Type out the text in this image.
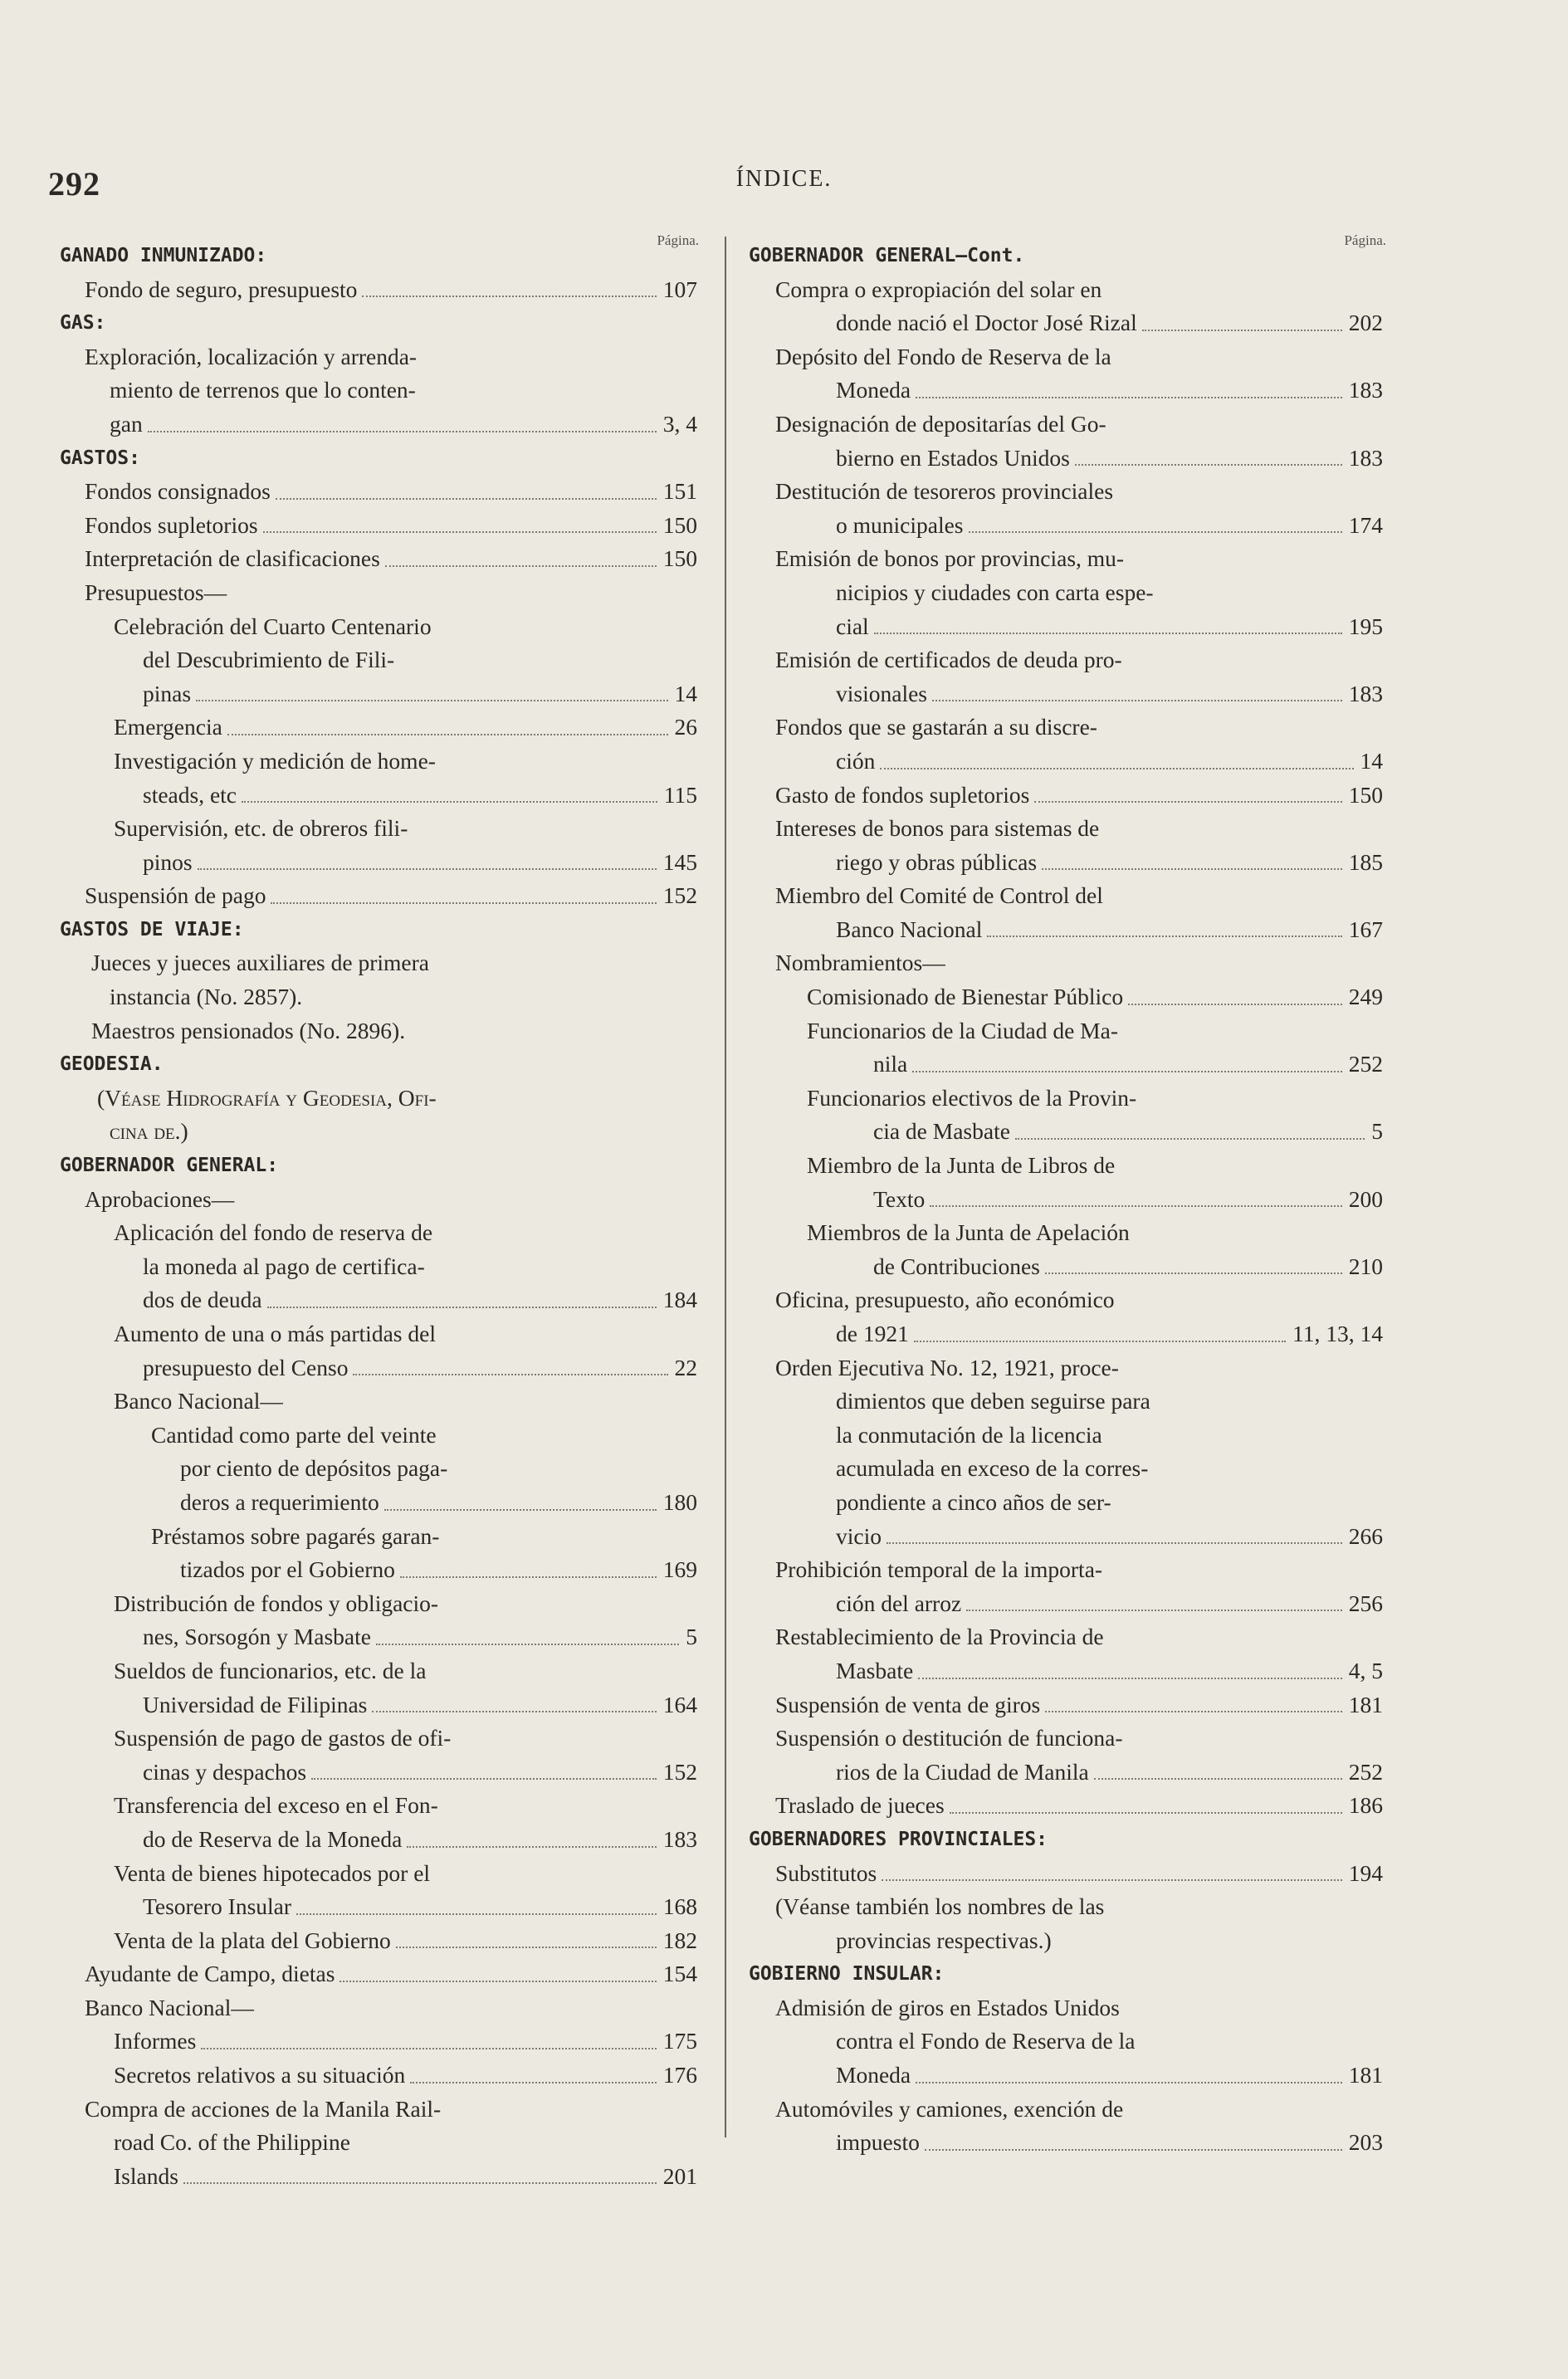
292	ÍNDICE.
Página.
GANADO INMUNIZADO:
Fondo de seguro, presupuesto	107
GAS:
Exploración, localización y arrenda-
miento de terrenos que lo conten-
gan	3, 4
GASTOS:
Fondos consignados	151
Fondos supletorios	150
Interpretación de clasificaciones	150
Presupuestos—
Celebración del Cuarto Centenario
del Descubrimiento de Fili-
pinas	14
Emergencia	26
Investigación y medición de home-
steads, etc	115
Supervisión, etc. de obreros fili-
pinos	145
Suspensión de pago	152
GASTOS DE VIAJE:
Jueces y jueces auxiliares de primera
instancia (No. 2857).
Maestros pensionados (No. 2896).
GEODESIA.
(Véase Hidrografía y Geodesia, Ofi-
cina de.)
GOBERNADOR GENERAL:
Aprobaciones—
Aplicación del fondo de reserva de
la moneda al pago de certifica-
dos de deuda	184
Aumento de una o más partidas del
presupuesto del Censo	22
Banco Nacional—
Cantidad como parte del veinte
por ciento de depósitos paga-
deros a requerimiento	180
Préstamos sobre pagarés garan-
tizados por el Gobierno	169
Distribución de fondos y obligacio-
nes, Sorsogón y Masbate	5
Sueldos de funcionarios, etc. de la
Universidad de Filipinas	164
Suspensión de pago de gastos de ofi-
cinas y despachos	152
Transferencia del exceso en el Fon-
do de Reserva de la Moneda	183
Venta de bienes hipotecados por el
Tesorero Insular	168
Venta de la plata del Gobierno	182
Ayudante de Campo, dietas	154
Banco Nacional—
Informes	175
Secretos relativos a su situación	176
Compra de acciones de la Manila Rail-
road Co. of the Philippine
Islands	201
Página.
GOBERNADOR GENERAL—Cont.
Compra o expropiación del solar en
donde nació el Doctor José Rizal	202
Depósito del Fondo de Reserva de la
Moneda	183
Designación de depositarías del Go-
bierno en Estados Unidos	183
Destitución de tesoreros provinciales
o municipales	174
Emisión de bonos por provincias, mu-
nicipios y ciudades con carta espe-
cial	195
Emisión de certificados de deuda pro-
visionales	183
Fondos que se gastarán a su discre-
ción	14
Gasto de fondos supletorios	150
Intereses de bonos para sistemas de
riego y obras públicas	185
Miembro del Comité de Control del
Banco Nacional	167
Nombramientos—
Comisionado de Bienestar Público	249
Funcionarios de la Ciudad de Ma-
nila	252
Funcionarios electivos de la Provin-
cia de Masbate	5
Miembro de la Junta de Libros de
Texto	200
Miembros de la Junta de Apelación
de Contribuciones	210
Oficina, presupuesto, año económico
de 1921	11, 13, 14
Orden Ejecutiva No. 12, 1921, proce-
dimientos que deben seguirse para
la conmutación de la licencia
acumulada en exceso de la corres-
pondiente a cinco años de ser-
vicio	266
Prohibición temporal de la importa-
ción del arroz	256
Restablecimiento de la Provincia de
Masbate	4, 5
Suspensión de venta de giros	181
Suspensión o destitución de funciona-
rios de la Ciudad de Manila	252
Traslado de jueces	186
GOBERNADORES PROVINCIALES:
Substitutos	194
(Véanse también los nombres de las
provincias respectivas.)
GOBIERNO INSULAR:
Admisión de giros en Estados Unidos
contra el Fondo de Reserva de la
Moneda	181
Automóviles y camiones, exención de
impuesto	203
